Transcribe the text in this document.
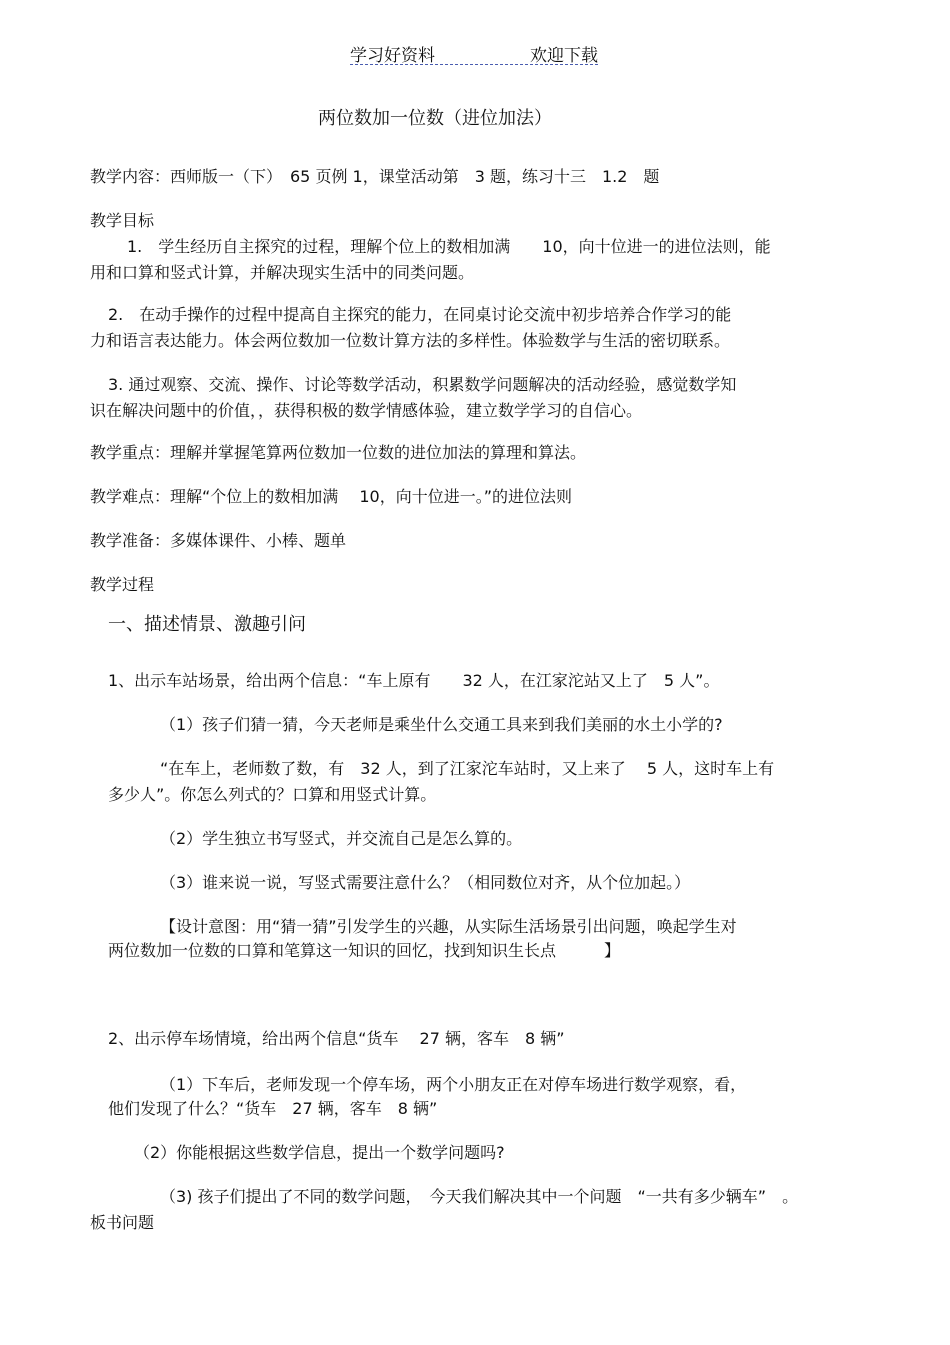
学习好资料	欢迎下载
两位数加一位数（进位加法）
教学内容：西师版一（下）　65 页例 1，课堂活动第　3 题，练习十三　1.2　题
教学目标
1.　学生经历自主探究的过程，理解个位上的数相加满　　10，向十位进一的进位法则，能
用和口算和竖式计算，并解决现实生活中的同类问题。
2.　在动手操作的过程中提高自主探究的能力，在同桌讨论交流中初步培养合作学习的能
力和语言表达能力。体会两位数加一位数计算方法的多样性。体验数学与生活的密切联系。
3. 通过观察、交流、操作、讨论等数学活动，积累数学问题解决的活动经验，感觉数学知
识在解决问题中的价值，，获得积极的数学情感体验，建立数学学习的自信心。
教学重点：理解并掌握笔算两位数加一位数的进位加法的算理和算法。
教学难点：理解“个位上的数相加满　 10，向十位进一。”的进位法则
教学准备：多媒体课件、小棒、题单
教学过程
一、描述情景、激趣引问
1、出示车站场景，给出两个信息：“车上原有　　32 人，在江家沱站又上了　5 人”。
（1）孩子们猜一猜，今天老师是乘坐什么交通工具来到我们美丽的水土小学的?
“在车上，老师数了数，有　32 人，到了江家沱车站时，又上来了　 5 人，这时车上有
多少人”。你怎么列式的？口算和用竖式计算。
（2）学生独立书写竖式，并交流自己是怎么算的。
（3）谁来说一说，写竖式需要注意什么？（相同数位对齐，从个位加起。）
【设计意图：用“猜一猜”引发学生的兴趣，从实际生活场景引出问题，唤起学生对
两位数加一位数的口算和笔算这一知识的回忆，找到知识生长点　　　】
2、出示停车场情境，给出两个信息“货车　 27 辆，客车　8 辆”
（1）下车后，老师发现一个停车场，两个小朋友正在对停车场进行数学观察，看，
他们发现了什么？“货车　27 辆，客车　8 辆”
（2）你能根据这些数学信息，提出一个数学问题吗?
（3) 孩子们提出了不同的数学问题，　今天我们解决其中一个问题　“一共有多少辆车”　。
板书问题
